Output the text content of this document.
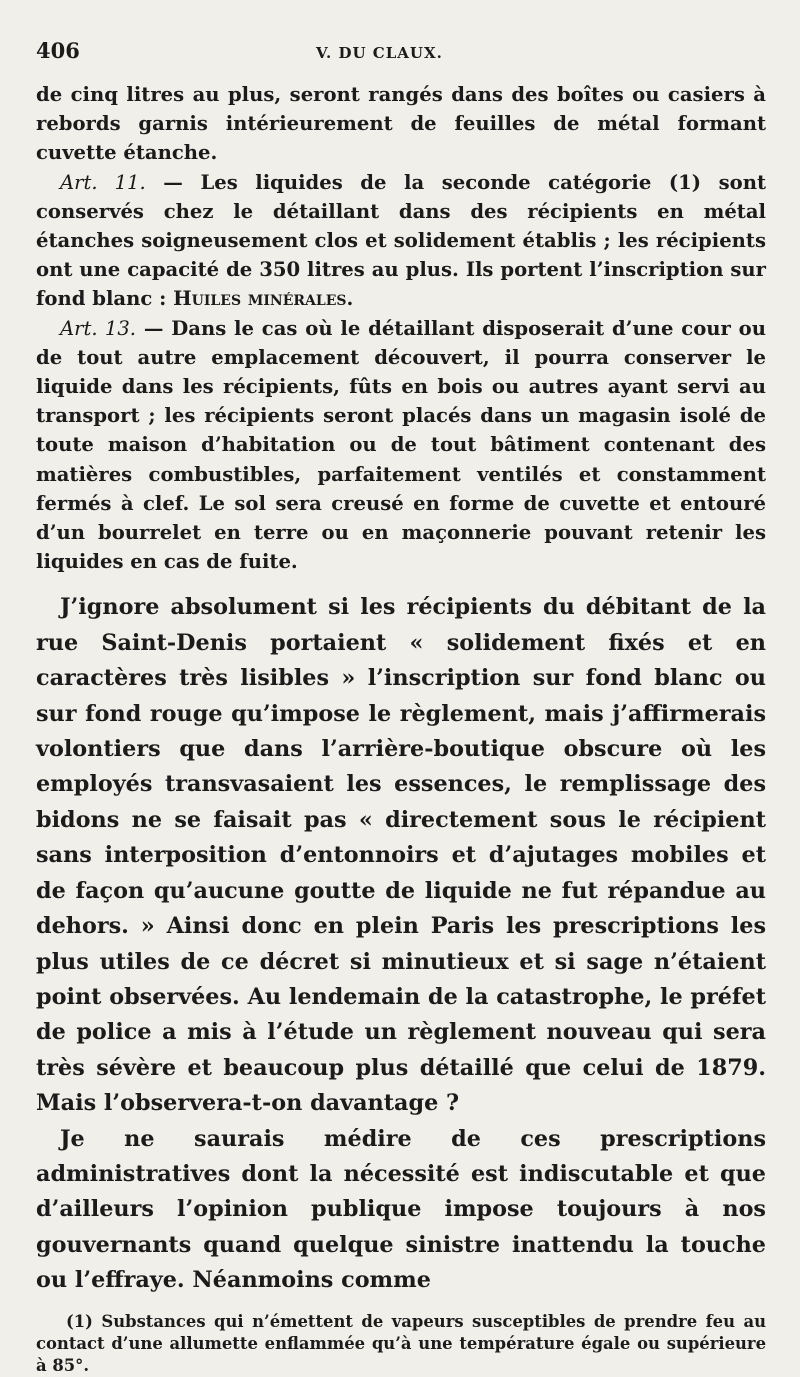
406	V. DU CLAUX.

de cinq litres au plus, seront rangés dans des boîtes ou casiers à rebords garnis intérieurement de feuilles de métal formant cuvette étanche.

Art. 11. — Les liquides de la seconde catégorie (1) sont conservés chez le détaillant dans des récipients en métal étanches soigneusement clos et solidement établis ; les récipients ont une capacité de 350 litres au plus. Ils portent l’inscription sur fond blanc : Huiles minérales.

Art. 13. — Dans le cas où le détaillant disposerait d’une cour ou de tout autre emplacement découvert, il pourra conserver le liquide dans les récipients, fûts en bois ou autres ayant servi au transport ; les récipients seront placés dans un magasin isolé de toute maison d’habitation ou de tout bâtiment contenant des matières combustibles, parfaitement ventilés et constamment fermés à clef. Le sol sera creusé en forme de cuvette et entouré d’un bourrelet en terre ou en maçonnerie pouvant retenir les liquides en cas de fuite.

J’ignore absolument si les récipients du débitant de la rue Saint-Denis portaient « solidement fixés et en caractères très lisibles » l’inscription sur fond blanc ou sur fond rouge qu’impose le règlement, mais j’affirmerais volontiers que dans l’arrière-boutique obscure où les employés transvasaient les essences, le remplissage des bidons ne se faisait pas « directement sous le récipient sans interposition d’entonnoirs et d’ajutages mobiles et de façon qu’aucune goutte de liquide ne fut répandue au dehors. » Ainsi donc en plein Paris les prescriptions les plus utiles de ce décret si minutieux et si sage n’étaient point observées. Au lendemain de la catastrophe, le préfet de police a mis à l’étude un règlement nouveau qui sera très sévère et beaucoup plus détaillé que celui de 1879. Mais l’observera-t-on davantage ?

Je ne saurais médire de ces prescriptions administratives dont la nécessité est indiscutable et que d’ailleurs l’opinion publique impose toujours à nos gouvernants quand quelque sinistre inattendu la touche ou l’effraye. Néanmoins comme

(1) Substances qui n’émettent de vapeurs susceptibles de prendre feu au contact d’une allumette enflammée qu’à une température égale ou supérieure à 85°.
